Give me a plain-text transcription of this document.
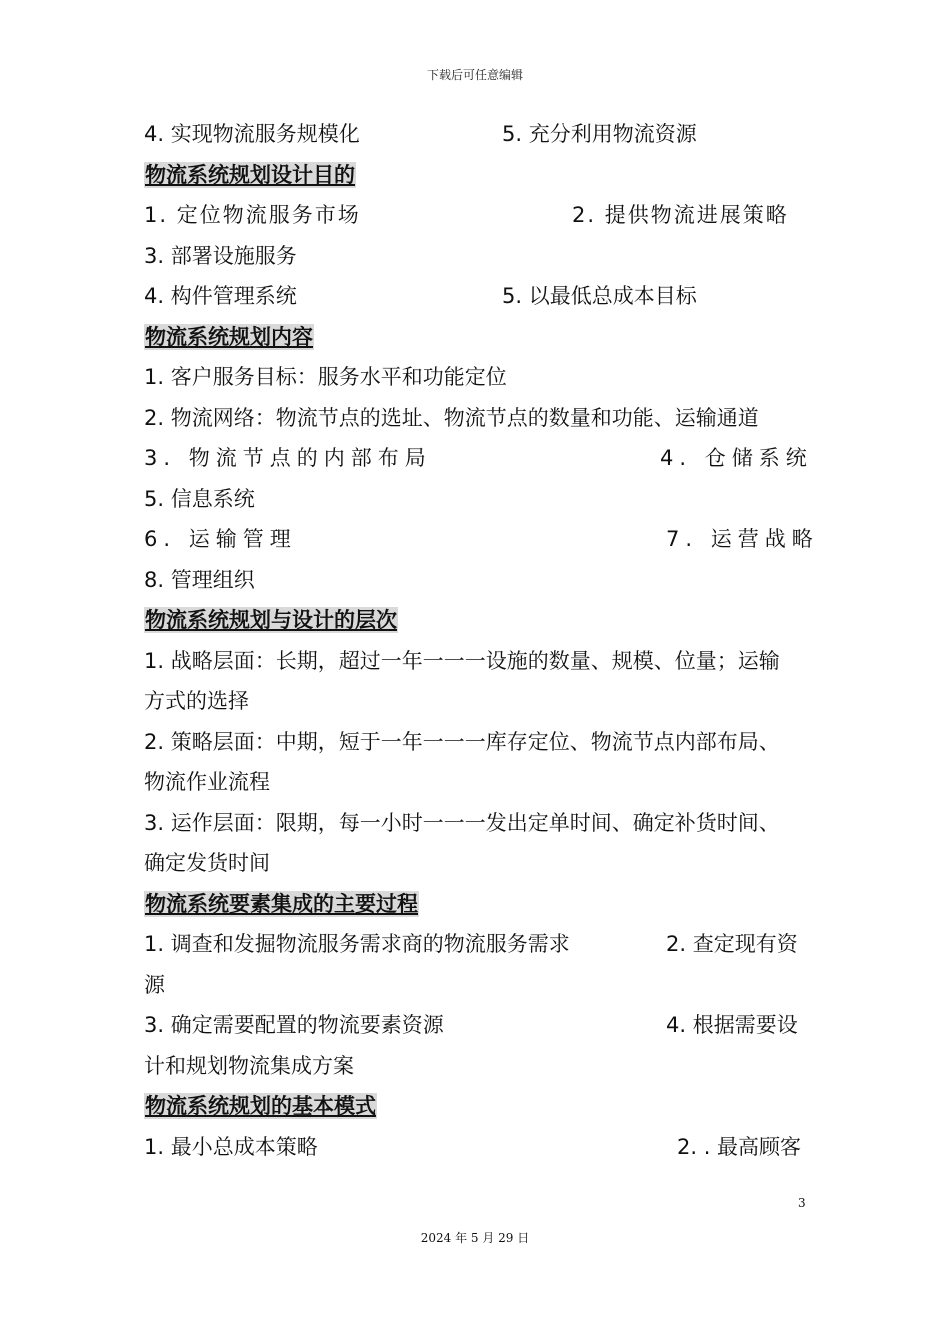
下载后可任意编辑
4. 实现物流服务规模化	5. 充分利用物流资源
物流系统规划设计目的
1. 定位物流服务市场	2. 提供物流进展策略
3. 部署设施服务
4. 构件管理系统	5. 以最低总成本目标
物流系统规划内容
1. 客户服务目标：服务水平和功能定位
2. 物流网络：物流节点的选址、物流节点的数量和功能、运输通道
3. 物流节点的内部布局	4. 仓储系统
5. 信息系统
6. 运输管理	7. 运营战略
8. 管理组织
物流系统规划与设计的层次
1. 战略层面：长期，超过一年一一一设施的数量、规模、位量；运输
方式的选择
2. 策略层面：中期，短于一年一一一库存定位、物流节点内部布局、
物流作业流程
3. 运作层面：限期，每一小时一一一发出定单时间、确定补货时间、
确定发货时间
物流系统要素集成的主要过程
1. 调查和发掘物流服务需求商的物流服务需求	2. 查定现有资
源
3. 确定需要配置的物流要素资源	4. 根据需要设
计和规划物流集成方案
物流系统规划的基本模式
1. 最小总成本策略	2. . 最高顾客
3
2024 年 5 月 29 日
